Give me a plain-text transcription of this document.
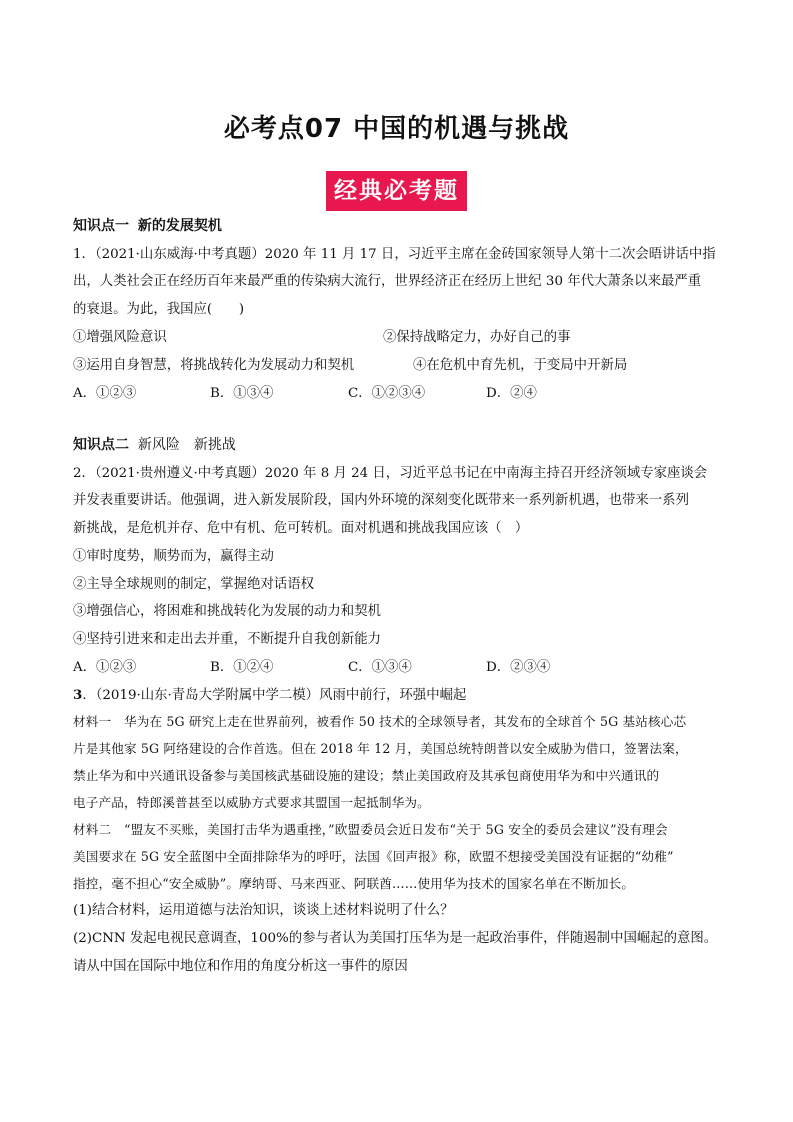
必考点07 中国的机遇与挑战
经典必考题
知识点一 新的发展契机
1．（2021·山东威海·中考真题）2020 年 11 月 17 日，习近平主席在金砖国家领导人第十二次会晤讲话中指
出，人类社会正在经历百年来最严重的传染病大流行，世界经济正在经历上世纪 30 年代大萧条以来最严重
的衰退。为此，我国应(　　)
①增强风险意识	②保持战略定力，办好自己的事
③运用自身智慧，将挑战转化为发展动力和契机	④在危机中育先机，于变局中开新局
A．①②③	B．①③④	C．①②③④	D．②④
知识点二 新风险　新挑战
2．（2021·贵州遵义·中考真题）2020 年 8 月 24 日，习近平总书记在中南海主持召开经济领域专家座谈会
并发表重要讲话。他强调，进入新发展阶段，国内外环境的深刻变化既带来一系列新机遇，也带来一系列
新挑战，是危机并存、危中有机、危可转机。面对机遇和挑战我国应该（　）
①审时度势，顺势而为，赢得主动
②主导全球规则的制定，掌握绝对话语权
③增强信心，将困难和挑战转化为发展的动力和契机
④坚持引进来和走出去并重，不断提升自我创新能力
A．①②③	B．①②④	C．①③④	D．②③④
3．（2019·山东·青岛大学附属中学二模）风雨中前行，环强中崛起
材料一　华为在 5G 研究上走在世界前列，被看作 50 技术的全球领导者，其发布的全球首个 5G 基站核心芯
片是其他家 5G 阿络建设的合作首选。但在 2018 年 12 月，美国总统特朗普以安全威胁为借口，签署法案，
禁止华为和中兴通讯设备参与美国核武基础设施的建设；禁止美国政府及其承包商使用华为和中兴通讯的
电子产品，特郎溪普甚至以威胁方式要求其盟国一起抵制华为。
材料二　“盟友不买账，美国打击华为遇重挫，”欧盟委员会近日发布“关于 5G 安全的委员会建议”没有理会
美国要求在 5G 安全蓝图中全面排除华为的呼吁，法国《回声报》称，欧盟不想接受美国没有证据的“幼稚”
指控，毫不担心“安全威胁”。摩纳哥、马来西亚、阿联酋……使用华为技术的国家名单在不断加长。
(1)结合材料，运用道德与法治知识，谈谈上述材料说明了什么？
(2)CNN 发起电视民意调查，100%的参与者认为美国打压华为是一起政治事件，伴随遏制中国崛起的意图。
请从中国在国际中地位和作用的角度分析这一事件的原因
